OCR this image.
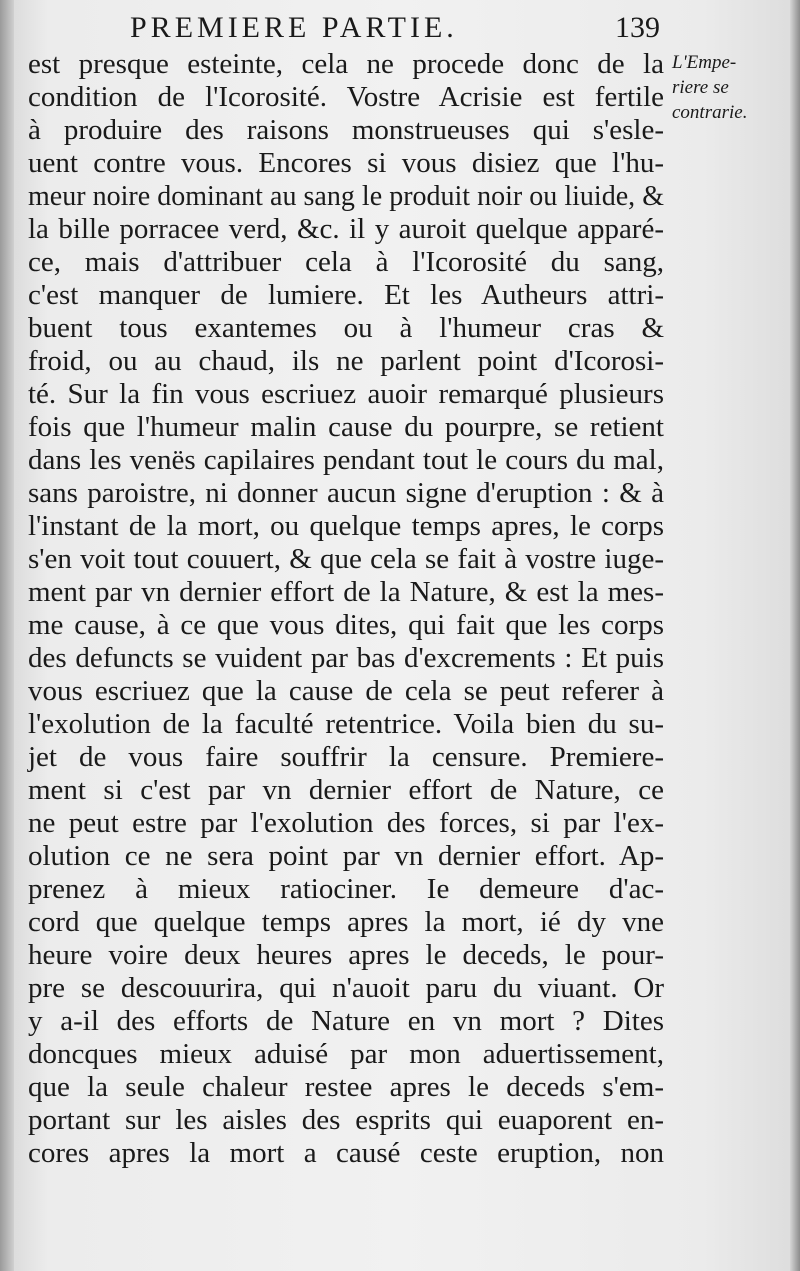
PREMIERE PARTIE.	139
L'Empe-
riere se
contrarie.
est presque esteinte, cela ne procede donc de la
condition de l'Icorosité. Vostre Acrisie est fertile
à produire des raisons monstrueuses qui s'esle-
uent contre vous. Encores si vous disiez que l'hu-
meur noire dominant au sang le produit noir ou liuide, &
la bille porracee verd, &c. il y auroit quelque apparé-
ce, mais d'attribuer cela à l'Icorosité du sang,
c'est manquer de lumiere. Et les Autheurs attri-
buent tous exantemes ou à l'humeur cras &
froid, ou au chaud, ils ne parlent point d'Icorosi-
té. Sur la fin vous escriuez auoir remarqué plusieurs
fois que l'humeur malin cause du pourpre, se retient
dans les venës capilaires pendant tout le cours du mal,
sans paroistre, ni donner aucun signe d'eruption : & à
l'instant de la mort, ou quelque temps apres, le corps
s'en voit tout couuert, & que cela se fait à vostre iuge-
ment par vn dernier effort de la Nature, & est la mes-
me cause, à ce que vous dites, qui fait que les corps
des defuncts se vuident par bas d'excrements : Et puis
vous escriuez que la cause de cela se peut referer à
l'exolution de la faculté retentrice. Voila bien du su-
jet de vous faire souffrir la censure. Premiere-
ment si c'est par vn dernier effort de Nature, ce
ne peut estre par l'exolution des forces, si par l'ex-
olution ce ne sera point par vn dernier effort. Ap-
prenez à mieux ratiociner. Ie demeure d'ac-
cord que quelque temps apres la mort, ié dy vne
heure voire deux heures apres le deceds, le pour-
pre se descouurira, qui n'auoit paru du viuant. Or
y a-il des efforts de Nature en vn mort ? Dites
doncques mieux aduisé par mon aduertissement,
que la seule chaleur restee apres le deceds s'em-
portant sur les aisles des esprits qui euaporent en-
cores apres la mort a causé ceste eruption, non
